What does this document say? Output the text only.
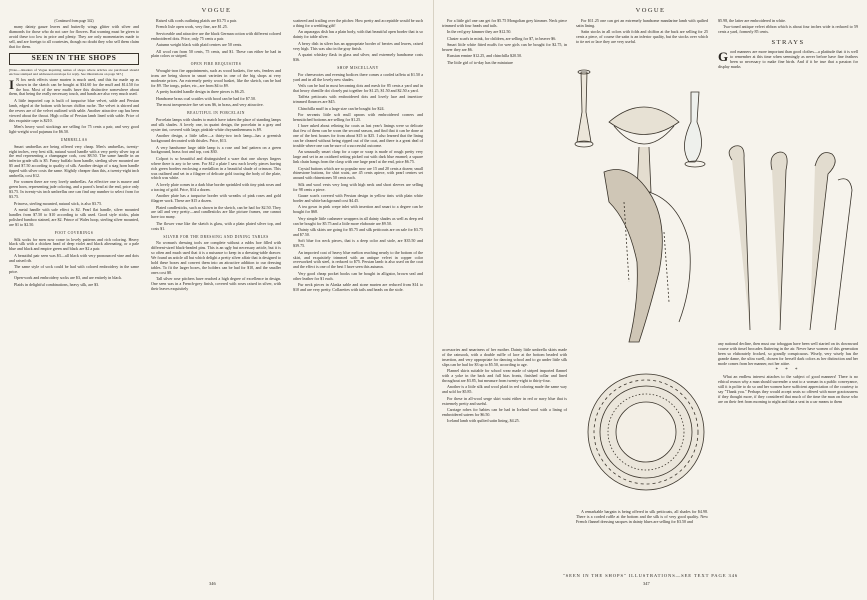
VOGUE

(Continued from page 342)

many dainty gauze leaves and butterfly wings glitter with silver and diamonds for those who do not care for flowers. But warning must be given to avoid these too low in price and plenty. They are only momentaries made to sell, and are foreign to all courtesies, though no doubt they who sell them claim that for them.

SEEN IN THE SHOPS

[Note.—Readers of Vogue inquiring names of shops where articles are purchased should enclose stamped and addressed envelope for reply. See illustrations on page 347.]

I N fox neck effects stone marten is much used, and this fur made up as shown in the sketch can be bought at $34.60 for the muff and $14.50 for the boa. Most of the new muffs have this distinctive somewhere about them, that being the really necessary touch, and bands are also very much used.

A little imported cap is built of turquoise blue velvet, sable and Persian lamb, edged at the bottom with brown chiffon ruche. The velvet is shirred and the revers are of the velvet outlined with sable. Another attractive cap has been viewed about the throat. High collar of Persian lamb lined with sable. Price of this exquisite cape is $210.

Men's heavy wool stockings are selling for 75 cents a pair, and very good light-weight wool pajamas for $6.50.

UMBRELLAS

Smart umbrellas are being offered very cheap. Men's umbrellas, twenty-eight inches, very best silk, natural wood handle with a very pretty silver top at the end representing a champagne cork, cost $8.50. The same handle in an inferior grade silk is $5. Fancy buffalo horn handle, sterling silver mounted are $5 and $7.50 according to quality of silk. Another design of a stag horn handle tipped with silver costs the same. Slightly cheaper than this, a twenty-eight inch umbrella, cost $12.

For women there are very lovely umbrellas. An effective one is mauve and green horn, representing jade coloring, and a parrot's head at the end, price only $3.75. In twenty-six inch umbrellas one can find any number to select from for $3.75.

Princess, sterling mounted, natural stick, is also $3.75.

A metal handle with safe effect is $2. Pearl flat handle, silver mounted handles from $7.50 to $10 according to silk used. Good style sticks, plain polished bamboo stained, are $2. Prince of Wales hoop, sterling silver mounted, are $1 to $2.50.

FOOT COVERINGS

Silk socks for men now come in lovely patterns and rich coloring. Heavy black silk with a chicken head of deep violet and black alternating, or a pale blue and black and empire green and black are $2 a pair.

A beautiful pair seen was $3—all black with very pronounced vine and dots and raised rib.

The same style of sock could be had with colored embroidery in the same price.

Open-work and embroidery socks are $3, and are entirely in black.

Plaids in delightful combinations, heavy silk, are $3.

Raised silk cords outlining plaids are $3.75 a pair.

French lisle open work, very fine, are $1.25.

Serviceable and attractive are the black German cotton with different colored embroidered dots. Price, only 75 cents a pair.

Autumn weight black with plaid centres are 50 cents.

All wool run from 50 cents, 75 cents, and $1. These can either be had in plain colors or striped.

OPEN FIRE REQUISITES

Wrought-iron fire appointments, such as wood baskets, fire sets, fenders and irons are being shown in smart varieties in one of the big shops at very moderate prices. An extremely pretty wood basket, like the sketch, can be had for $9. The tongs, poker, etc., are from $4 to $9.

A pretty braided handle design in three pieces is $6.25.

Handsome brass coal scuttles with hood can be had for $7.50.

The most inexpensive fire set was $6, in brass, and very attractive.

BEAUTIFUL IN PORCELAIN

Porcelain lamps with shades to match have taken the place of standing lamps and silk shades. A lovely one, in quaint design, the porcelain in a gray and oyster tint, covered with large, pinkish-white chrysanthemums is $9.

Another design, a little taller—a thirty-two inch lamp—has a greenish background decorated with thistles. Price, $13.

A very handsome large table lamp is a rose and leaf pattern on a green background, brass foot and top, cost $30.

Colport is so beautiful and distinguished a ware that one always lingers where there is any to be seen. For $12 a plate I saw each lovely pieces having rich green borders enclosing a medallion in a beautiful shade of crimson. This was outlined and set in a filagree of delicate gold tracing the body of the plate, which was white.

A lovely plate comes in a dark blue border sprinkled with tiny pink roses and a tracing of gold. Price, $14 a dozen.

Another plate has a turquoise border with wreaths of pink roses and gold filagree work. These are $15 a dozen.

Plated candlesticks, such as shown in the sketch, can be had for $2.50. They are tall and very pretty—and candlesticks are like picture frames, one cannot have too many.

The flower vase like the sketch is glass, with a plain plated silver top, and costs $1.

SILVER FOR THE DRESSING AND DINING TABLES

No woman's dressing tools are complete without a rubbs hoe filled with different-sized black-headed pins. This is an ugly but necessary article, but it is so often and much used that it is a nuisance to keep in a dressing-table drawer. We found an article all but which delight a pretty silver affair that is designed to hold these boxes and convert them into an attractive addition to our dressing tables. To fit the larger boxes, the holders can be had for $10, and the smaller ones cost $8.

Tall silver rose pitchers have reached a high degree of excellence in design. One seen was in a French-grey finish, covered with roses raised in silver, with their leaves exquisitely

scattered and trailing over the pitcher. How pretty and acceptable would be such a thing for a wedding gift!

An asparagus dish has a plain body, with that beautiful open border that is so dainty for table silver.

A berry dish in silver has an appropriate border of berries and leaves, raised very high. This was also in the gray finish.

A quaint whiskey flask in glass and silver, and extremely handsome costs $36.

SHOP MISCELLANY

For cheesecotes and evening bodices there comes a corded taffeta at $1.50 a yard and in all the lovely new shades.

Veils can be had in most becoming dots and mesh for 85 cents a yard and in that heavy chenille dot closely put together for $1.25, $1.50 and $2.50 a yard.

Taffeta petticoats with embroidered dots and lovely lace and insertion-trimmed flounces are $45.

Chinchilla muff in a large size can be bought for $24.

For servants little soft mull aprons with embroidered corners and hemstitched bottoms are selling for $1.25.

I have asked about relining fur coats as last year's linings were so delicate that few of them can be worn the second season, and find that it can be done at one of the best houses for from about $15 to $25. I also learned that the lining can be cleaned without being ripped out of the coat, and there is a great deal of trouble where one can be sure of a successful outcome.

An unusually smart clasp for a cape or wrap is made of rough pretty very large and set in an oxidized setting picked out with dark blue enamel; a square link chain hangs from the clasp with one large pearl at the end, price $6.75.

Crystal buttons which are so popular now are 15 and 20 cents a dozen; small rhinestone buttons, for shirt waist, are 45 cents apiece, with pearl centres set around with rhinestones 50 cents each.

Silk and wool vests very long with high neck and short sleeves are selling for 98 cents a piece.

Gauze scarfs covered with Persian design in yellow tints with plain white border and white background cost $4.45.

A tea gown in pink crepe inlet with insertion and smart to a degree can be bought for $68.

Very simple little cashmere wrappers in all dainty shades as well as deep red can be bought for $5.75 and a little more elaborate are $9.50.

Dainty silk skirts are going for $5.75 and silk petticoats are on sale for $3.75 and $7.50.

Soft blue fox neck pieces, that is a deep color and stole, are $35.50 and $39.75.

An imported coat of heavy blue melton reaching nearly to the bottom of the skirt, and exquisitely trimmed with an antique velvet in copper color overworked with steel, is reduced to $75. Persian lamb is also used on the coat and the effect is one of the best I have seen this autumn.

Very good cheap pocket books can be bought in alligator, brown seal and other leather for $1 each.

Fur neck pieces in Alaska sable and stone marten are reduced from $14 to $10 and are very pretty. Collarettes with tails and heads on the stole.

346
VOGUE

For a little girl one can get for $5.75 Mongolian grey kimmer. Neck piece trimmed with four heads and tails.

In the red grey kimmer they are $12.50.

Cluster scarfs in mink, for children, are selling for $7, in beaver $6.

Smart little white fitted muffs for wee girls can be bought for $2.75, in beaver they are $6.

Russian ermine $12.25, and chinchilla $20.50.

The little girl of to-day has the miniature

accessories and smartness of her mother. Dainty little umbrella skirts made of the rainsook, with a double ruffle of lace at the bottom beaded with insertion, and very appropriate for dancing school and to go under little silk slips can be had for $3 up to $5.50, according to age.

Flannel skirts suitable for school wear made of striped imported flannel with a yoke in the back and full bias fronts, finished collar and lined throughout are $3.85, but measure from twenty-eight to thirty-four.

Another is a little silk and wool plaid in red coloring made the same way and sold for $5.85.

For these in all-wool serge skirt waist either in red or navy blue that is extremely pretty and useful.

Carriage robes for babies can be had in Iceland wool with a lining of embroidered sateen for $6.50.

Iceland lamb with quilted satin lining, $4.25.

For $11.25 one can get an extremely handsome mandarine lamb with quilted satin lining.

Satin stocks in all colors with folds and chiffon at the back are selling for 25 cents a piece, of course the satin is an inferior quality, but the stocks over which to tie net or lace they are very useful.

A remarkable bargain is being offered in silk petticoats, all shades for $4.98. There is a corded ruffle at the bottom and the silk is of very good quality. New French flannel dressing sacques in dainty blues are selling for $3.50 and

$5.98, the latter are embroidered in white.

Two-toned antique velvet ribbon which is about four inches wide is reduced to 59 cents a yard, formerly 85 cents.

STRAYS

Good manners are more important than good clothes—a platitude that it is well to remember at this time when seemingly as never before have fine feathers been so necessary to make fine birds. And if it be true that a passion for display marks

any national decline, then must our toboggan have been well started on its downward course with tinsel brocades fluttering in the air. Never have women of this generation been so elaborately frocked, so grandly conspicuous. Wisely, very wisely has the grande dame, the ultra swell, chosen for herself dark colors as her distinction and her mode comes from her manner, not her attire.

* * *

What an endless interest attaches to the subject of good manners! There is no ethical reason why a man should surrender a seat to a woman in a public conveyance, still it is polite to do so and her women have sufficient appreciation of the courtesy to say "Thank you." Perhaps they would accept seats so offered with more graciousness if they thought more, if they considered that much of the time the man on those who are on their feet from morning to night and that a seat in a car means to them

"SEEN IN THE SHOPS" ILLUSTRATIONS—SEE TEXT PAGE 346
347
